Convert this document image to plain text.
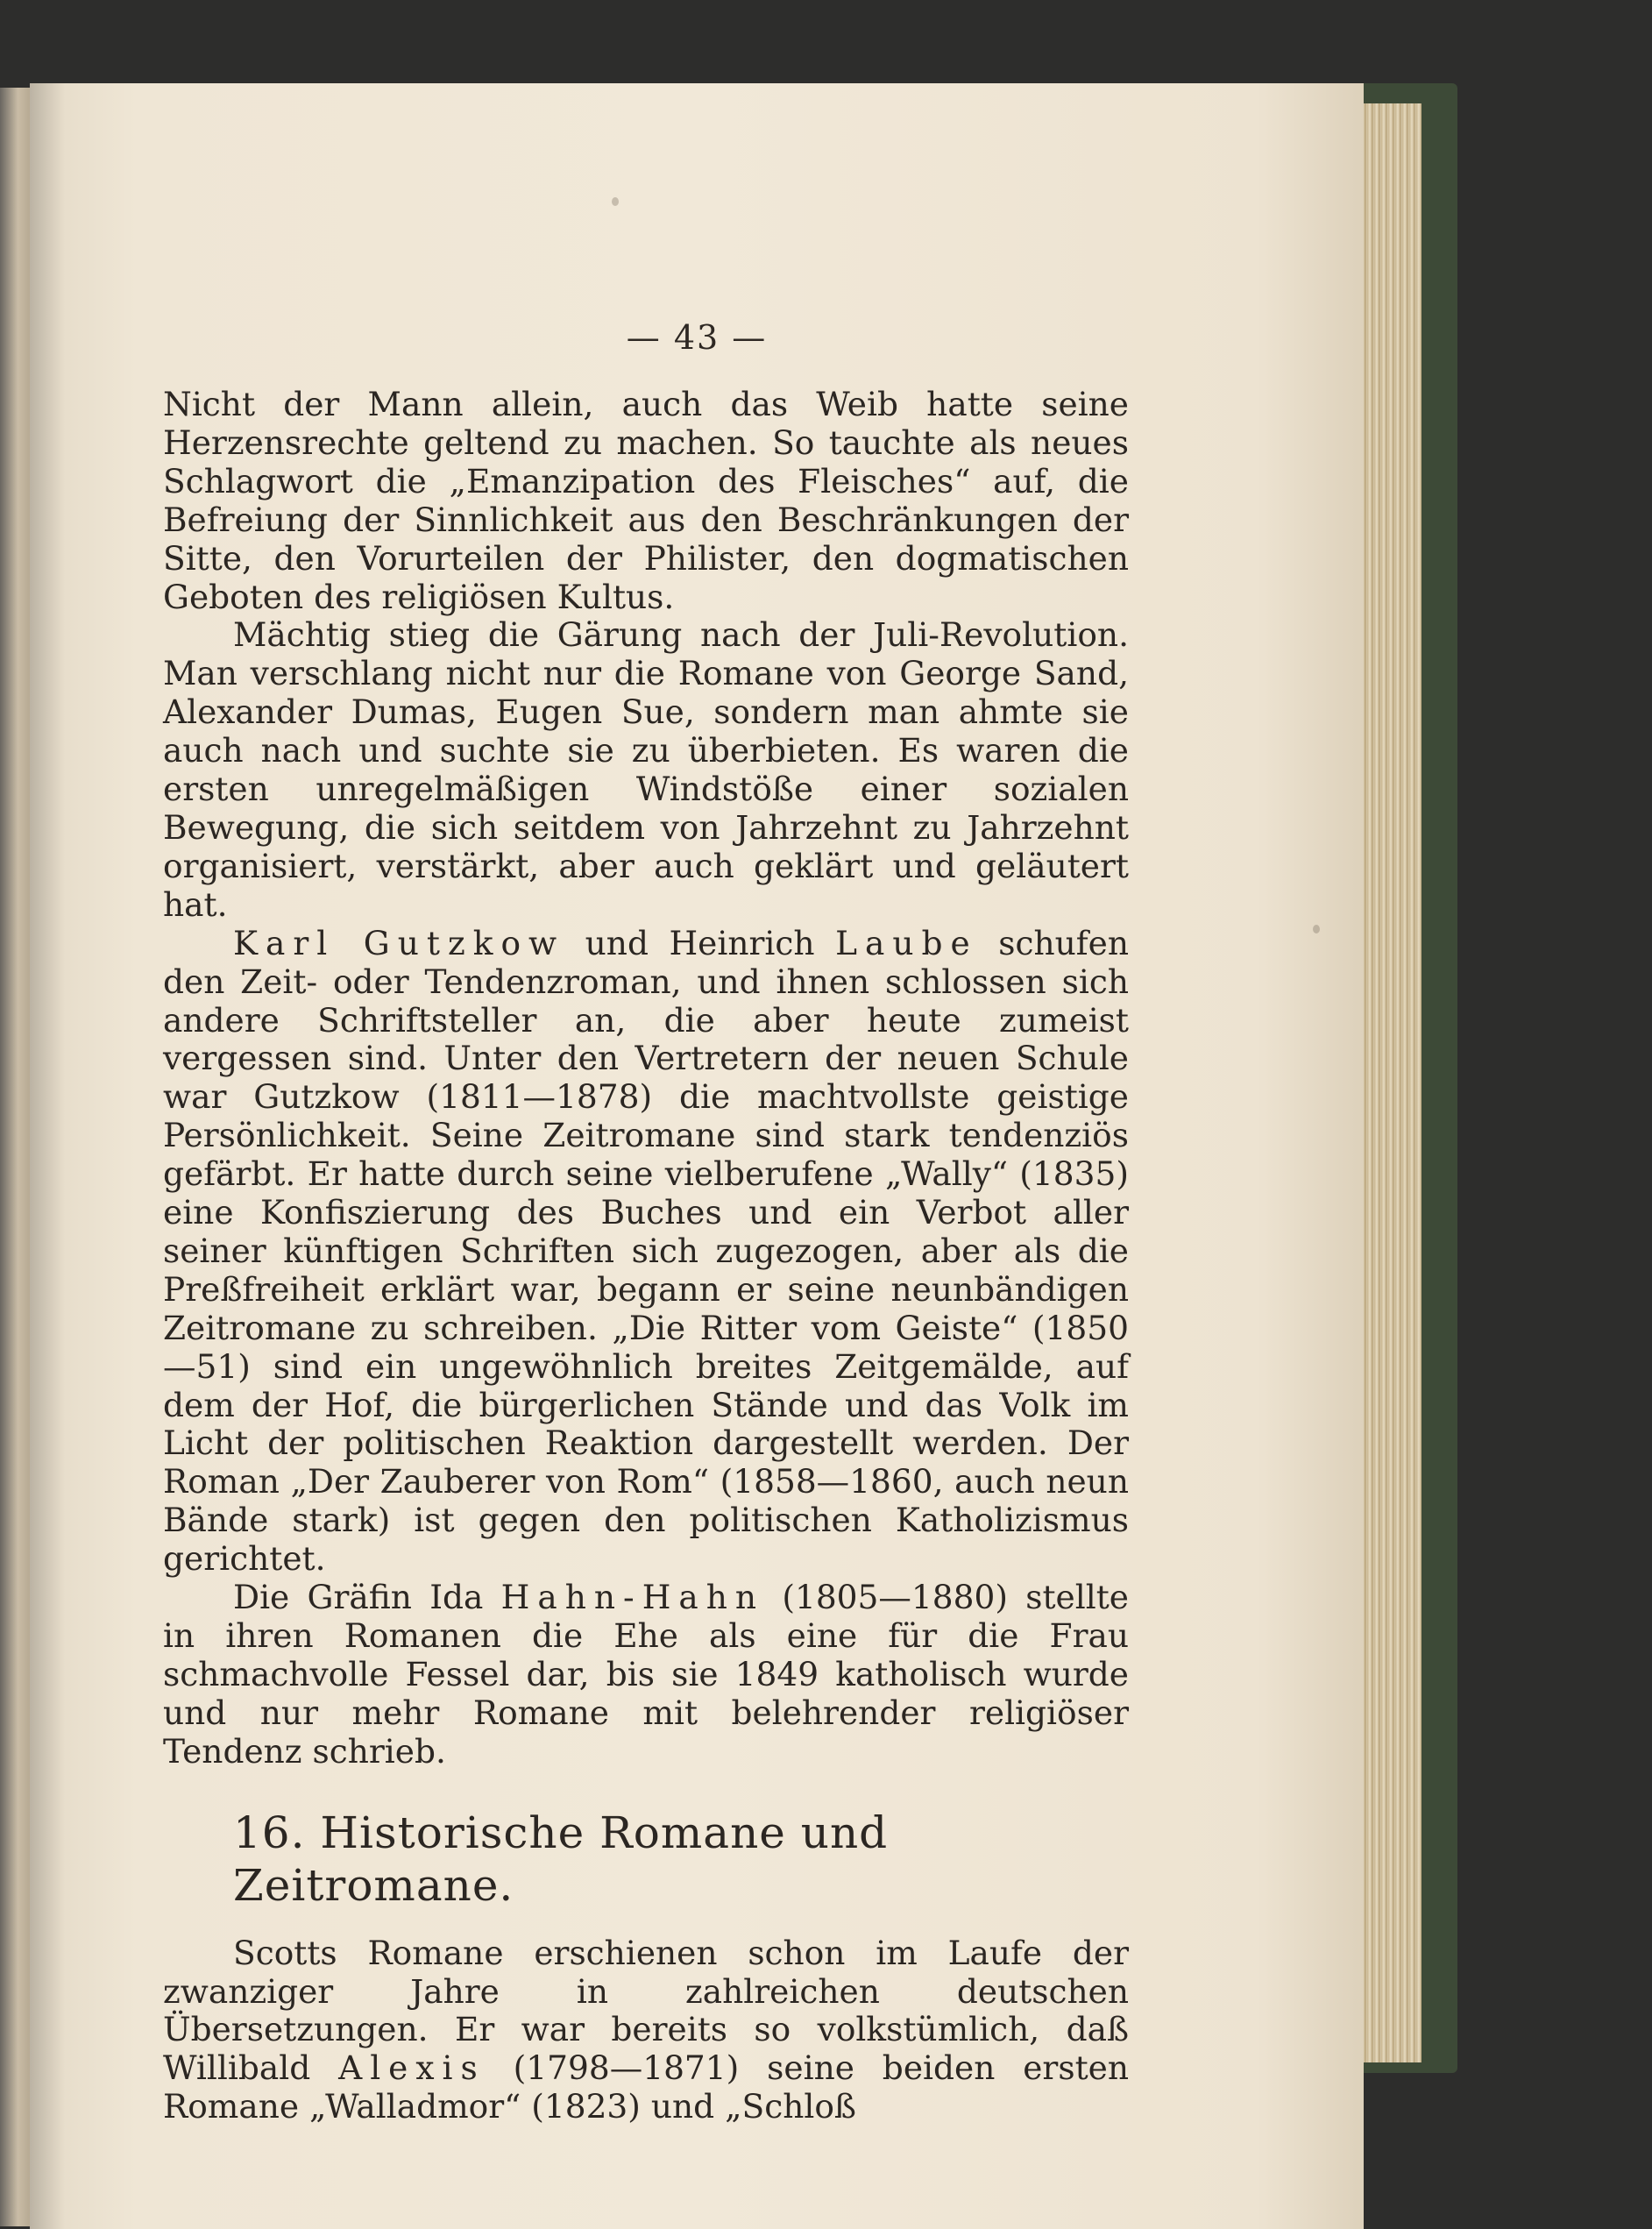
— 43 —

Nicht der Mann allein, auch das Weib hatte seine Herzensrechte geltend zu machen. So tauchte als neues Schlagwort die „Emanzipation des Fleisches“ auf, die Befreiung der Sinnlichkeit aus den Beschränkungen der Sitte, den Vorurteilen der Philister, den dogmatischen Geboten des religiösen Kultus.

Mächtig stieg die Gärung nach der Juli-Revolution. Man verschlang nicht nur die Romane von George Sand, Alexander Dumas, Eugen Sue, sondern man ahmte sie auch nach und suchte sie zu überbieten. Es waren die ersten unregelmäßigen Windstöße einer sozialen Bewegung, die sich seitdem von Jahrzehnt zu Jahrzehnt organisiert, verstärkt, aber auch geklärt und geläutert hat.

Karl Gutzkow und Heinrich Laube schufen den Zeit- oder Tendenzroman, und ihnen schlossen sich andere Schriftsteller an, die aber heute zumeist vergessen sind. Unter den Vertretern der neuen Schule war Gutzkow (1811—1878) die machtvollste geistige Persönlichkeit. Seine Zeitromane sind stark tendenziös gefärbt. Er hatte durch seine vielberufene „Wally“ (1835) eine Konfiszierung des Buches und ein Verbot aller seiner künftigen Schriften sich zugezogen, aber als die Preßfreiheit erklärt war, begann er seine neunbändigen Zeitromane zu schreiben. „Die Ritter vom Geiste“ (1850—51) sind ein ungewöhnlich breites Zeitgemälde, auf dem der Hof, die bürgerlichen Stände und das Volk im Licht der politischen Reaktion dargestellt werden. Der Roman „Der Zauberer von Rom“ (1858—1860, auch neun Bände stark) ist gegen den politischen Katholizismus gerichtet.

Die Gräfin Ida Hahn-Hahn (1805—1880) stellte in ihren Romanen die Ehe als eine für die Frau schmachvolle Fessel dar, bis sie 1849 katholisch wurde und nur mehr Romane mit belehrender religiöser Tendenz schrieb.

16. Historische Romane und Zeitromane.

Scotts Romane erschienen schon im Laufe der zwanziger Jahre in zahlreichen deutschen Übersetzungen. Er war bereits so volkstümlich, daß Willibald Alexis (1798—1871) seine beiden ersten Romane „Walladmor“ (1823) und „Schloß
